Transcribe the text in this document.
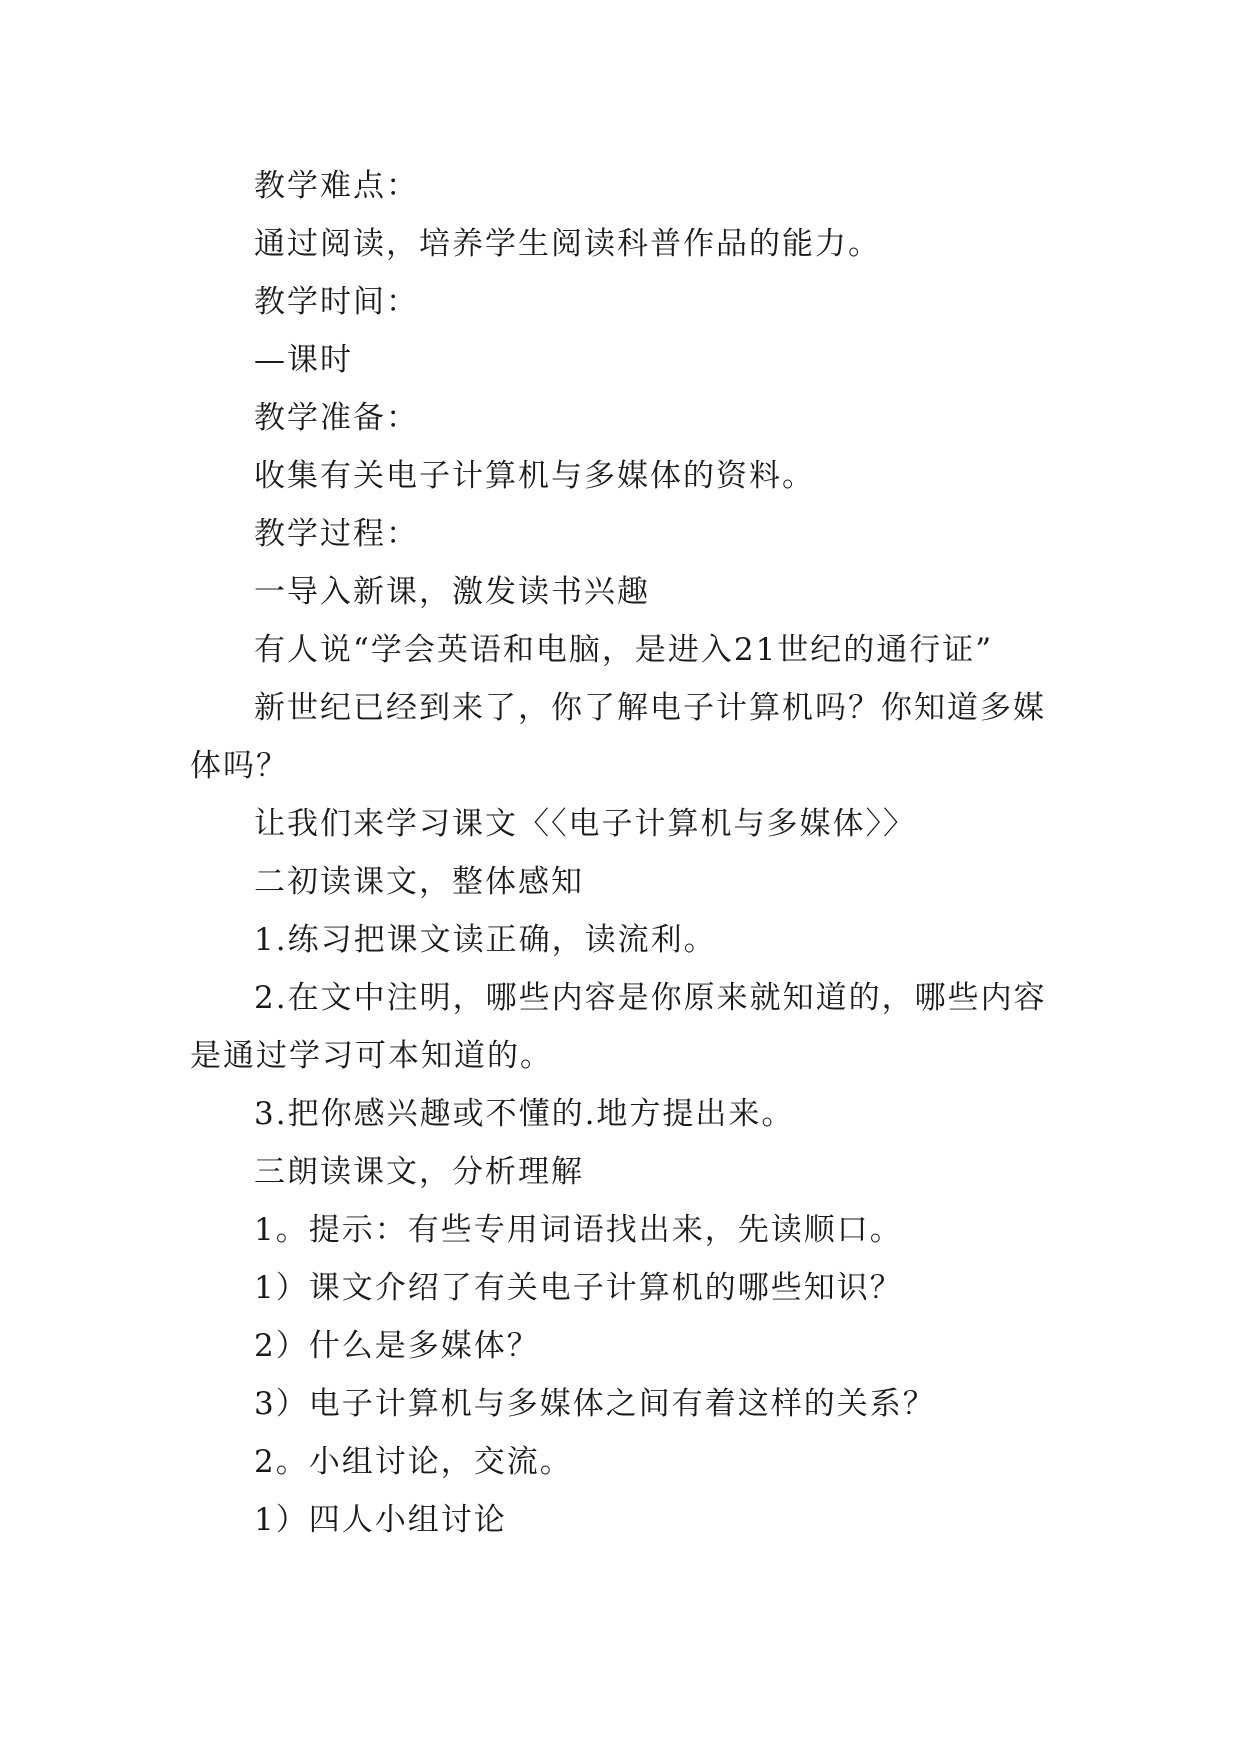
教学难点：

通过阅读，培养学生阅读科普作品的能力。

教学时间：

—课时

教学准备：

收集有关电子计算机与多媒体的资料。

教学过程：

一导入新课，激发读书兴趣

有人说“学会英语和电脑，是进入21世纪的通行证”

新世纪已经到来了，你了解电子计算机吗？你知道多媒体吗？

让我们来学习课文〈〈电子计算机与多媒体〉〉

二初读课文，整体感知

1.练习把课文读正确，读流利。

2.在文中注明，哪些内容是你原来就知道的，哪些内容是通过学习可本知道的。

3.把你感兴趣或不懂的.地方提出来。

三朗读课文，分析理解

1。提示：有些专用词语找出来，先读顺口。

1）课文介绍了有关电子计算机的哪些知识？

2）什么是多媒体？

3）电子计算机与多媒体之间有着这样的关系？

2。小组讨论，交流。

1）四人小组讨论
